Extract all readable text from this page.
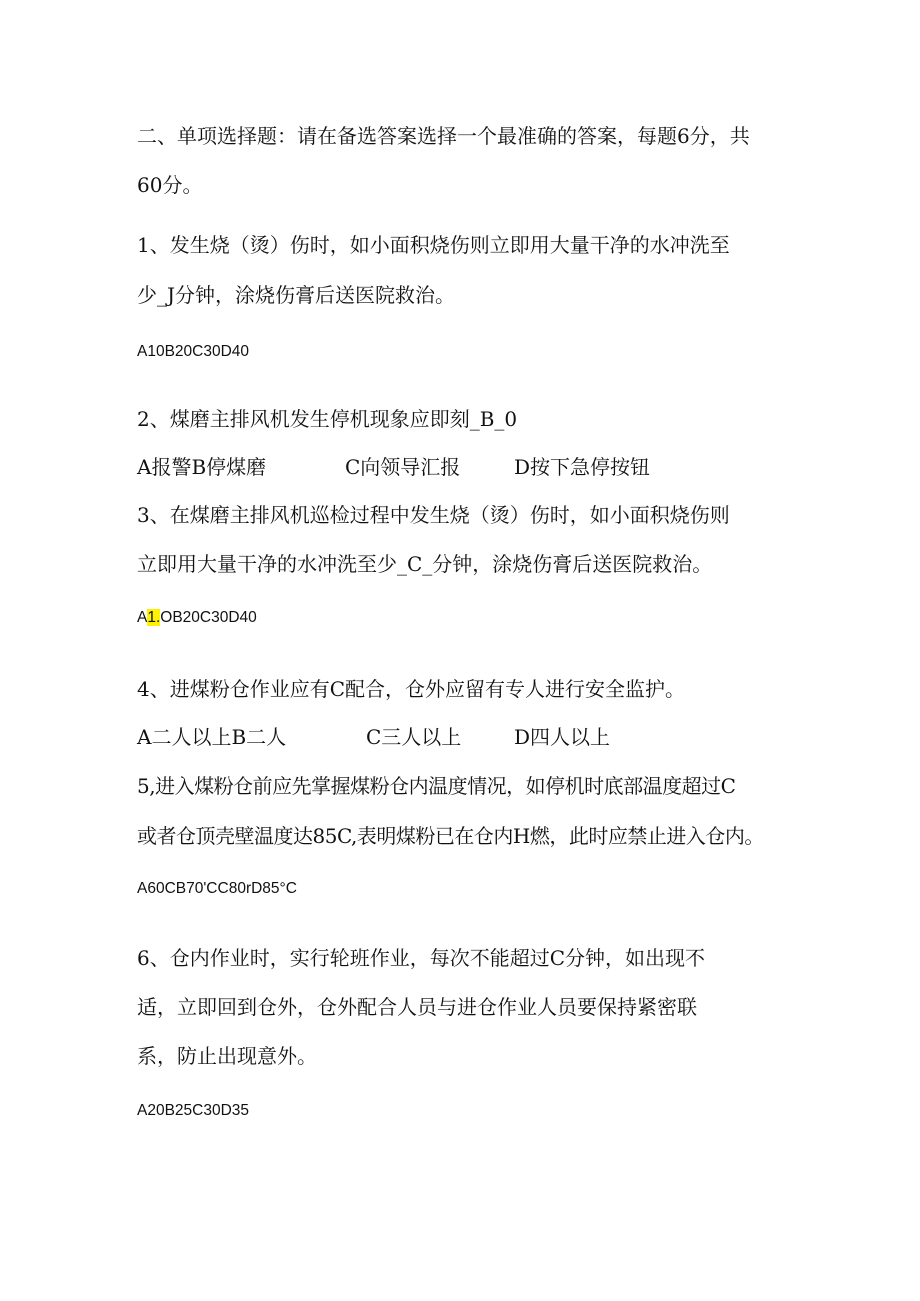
二、单项选择题：请在备选答案选择一个最准确的答案，每题6分，共
60分。
1、发生烧（烫）伤时，如小面积烧伤则立即用大量干净的水冲洗至
少_J分钟，涂烧伤膏后送医院救治。
A10B20C30D40
2、煤磨主排风机发生停机现象应即刻_B_0
A报警B停煤磨	C向领导汇报	D按下急停按钮
3、在煤磨主排风机巡检过程中发生烧（烫）伤时，如小面积烧伤则
立即用大量干净的水冲洗至少_C_分钟，涂烧伤膏后送医院救治。
A1.OB20C30D40
4、进煤粉仓作业应有C配合，仓外应留有专人进行安全监护。
A二人以上B二人	C三人以上	D四人以上
5,进入煤粉仓前应先掌握煤粉仓内温度情况，如停机时底部温度超过C
或者仓顶壳壁温度达85C,表明煤粉已在仓内H燃，此时应禁止进入仓内。
A60CB70'CC80rD85°C
6、仓内作业时，实行轮班作业，每次不能超过C分钟，如出现不
适，立即回到仓外，仓外配合人员与进仓作业人员要保持紧密联
系，防止出现意外。
A20B25C30D35
